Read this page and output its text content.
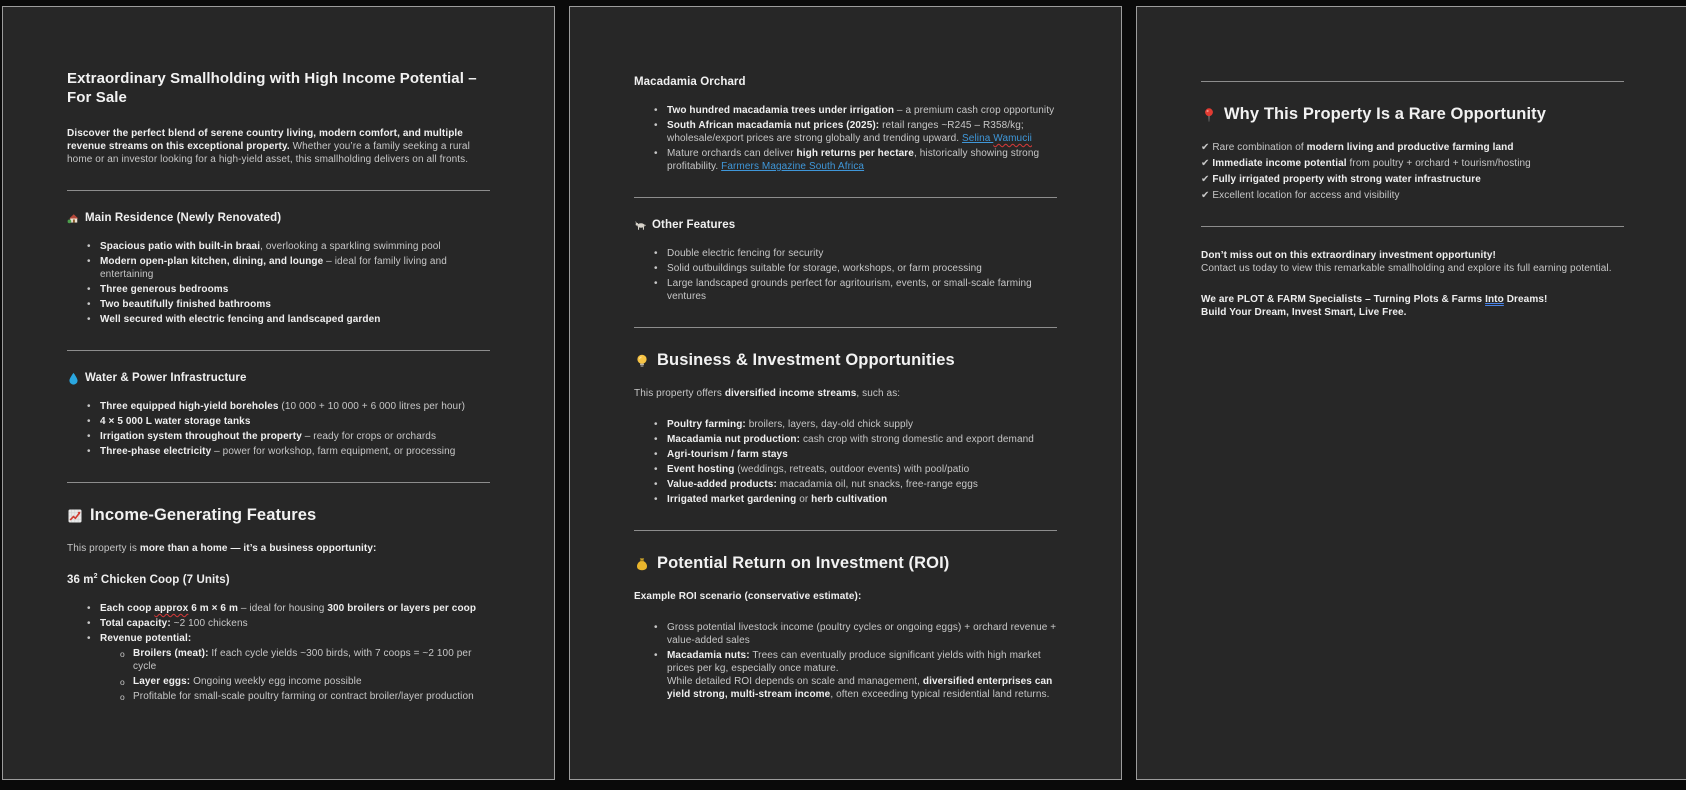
Extraordinary Smallholding with High Income Potential – For Sale

Discover the perfect blend of serene country living, modern comfort, and multiple revenue streams on this exceptional property. Whether you’re a family seeking a rural home or an investor looking for a high-yield asset, this smallholding delivers on all fronts.

Main Residence (Newly Renovated)
• Spacious patio with built-in braai, overlooking a sparkling swimming pool
• Modern open-plan kitchen, dining, and lounge – ideal for family living and entertaining
• Three generous bedrooms
• Two beautifully finished bathrooms
• Well secured with electric fencing and landscaped garden
Water & Power Infrastructure
• Three equipped high-yield boreholes (10 000 + 10 000 + 6 000 litres per hour)
• 4 × 5 000 L water storage tanks
• Irrigation system throughout the property – ready for crops or orchards
• Three-phase electricity – power for workshop, farm equipment, or processing
Income-Generating Features

This property is more than a home — it’s a business opportunity:

36 $m^2$ Chicken Coop (7 Units)
• Each coop approx 6 m × 6 m – ideal for housing 300 broilers or layers per coop
• Total capacity: ~2 100 chickens
• Revenue potential:
o Broilers (meat): If each cycle yields ~300 birds, with 7 coops = ~2 100 per cycle
o Layer eggs: Ongoing weekly egg income possible
o Profitable for small-scale poultry farming or contract broiler/layer production
Macadamia Orchard
• Two hundred macadamia trees under irrigation – a premium cash crop opportunity
• South African macadamia nut prices (2025): retail ranges ~R245 – R358/kg; wholesale/export prices are strong globally and trending upward. Selina Wamucii
• Mature orchards can deliver high returns per hectare, historically showing strong profitability. Farmers Magazine South Africa
Other Features
• Double electric fencing for security
• Solid outbuildings suitable for storage, workshops, or farm processing
• Large landscaped grounds perfect for agritourism, events, or small-scale farming ventures
Business & Investment Opportunities

This property offers diversified income streams, such as:

• Poultry farming: broilers, layers, day-old chick supply
• Macadamia nut production: cash crop with strong domestic and export demand
• Agri-tourism / farm stays
• Event hosting (weddings, retreats, outdoor events) with pool/patio
• Value-added products: macadamia oil, nut snacks, free-range eggs
• Irrigated market gardening or herb cultivation
Potential Return on Investment (ROI)

Example ROI scenario (conservative estimate):

• Gross potential livestock income (poultry cycles or ongoing eggs) + orchard revenue + value-added sales
• Macadamia nuts: Trees can eventually produce significant yields with high market prices per kg, especially once mature.
While detailed ROI depends on scale and management, diversified enterprises can yield strong, multi-stream income, often exceeding typical residential land returns.
Why This Property Is a Rare Opportunity
✔ Rare combination of modern living and productive farming land
✔ Immediate income potential from poultry + orchard + tourism/hosting
✔ Fully irrigated property with strong water infrastructure
✔ Excellent location for access and visibility

Don’t miss out on this extraordinary investment opportunity!
Contact us today to view this remarkable smallholding and explore its full earning potential.

We are PLOT & FARM Specialists – Turning Plots & Farms Into Dreams!
Build Your Dream, Invest Smart, Live Free.
